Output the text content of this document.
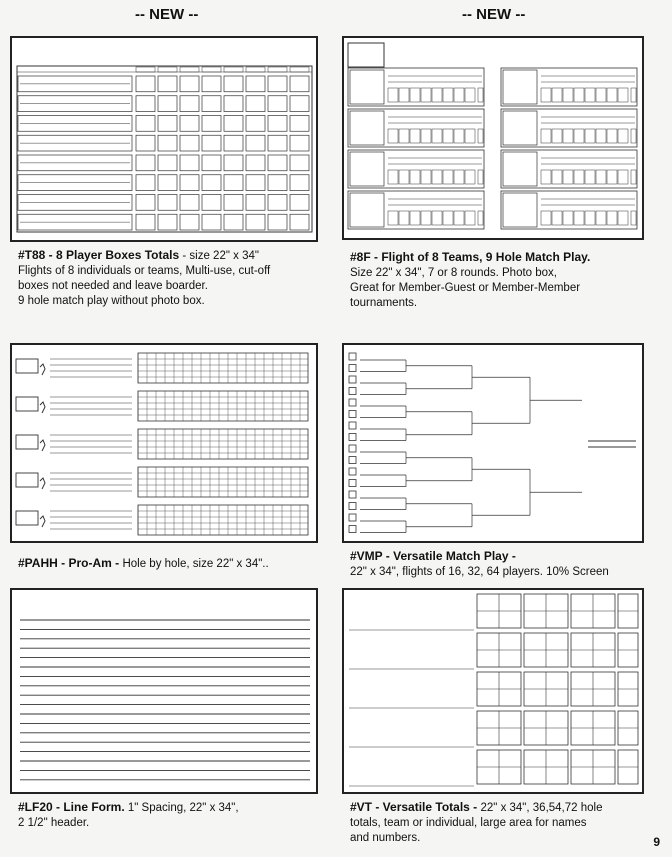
-- NEW --	-- NEW --
#T88 - 8 Player Boxes Totals - size 22" x 34"
Flights of 8 individuals or teams, Multi-use, cut-off
boxes not needed and leave boarder.
9 hole match play without photo box.
#8F - Flight of 8 Teams, 9 Hole Match Play.
Size 22" x 34", 7 or 8 rounds. Photo box,
Great for Member-Guest or Member-Member
tournaments.
#PAHH - Pro-Am - Hole by hole, size 22" x 34"..
#VMP - Versatile Match Play -
22" x 34", flights of 16, 32, 64 players. 10% Screen
#LF20 - Line Form. 1" Spacing, 22" x 34",
2 1/2" header.
#VT - Versatile Totals - 22" x 34", 36,54,72 hole
totals, team or individual, large area for names
and numbers.	9
